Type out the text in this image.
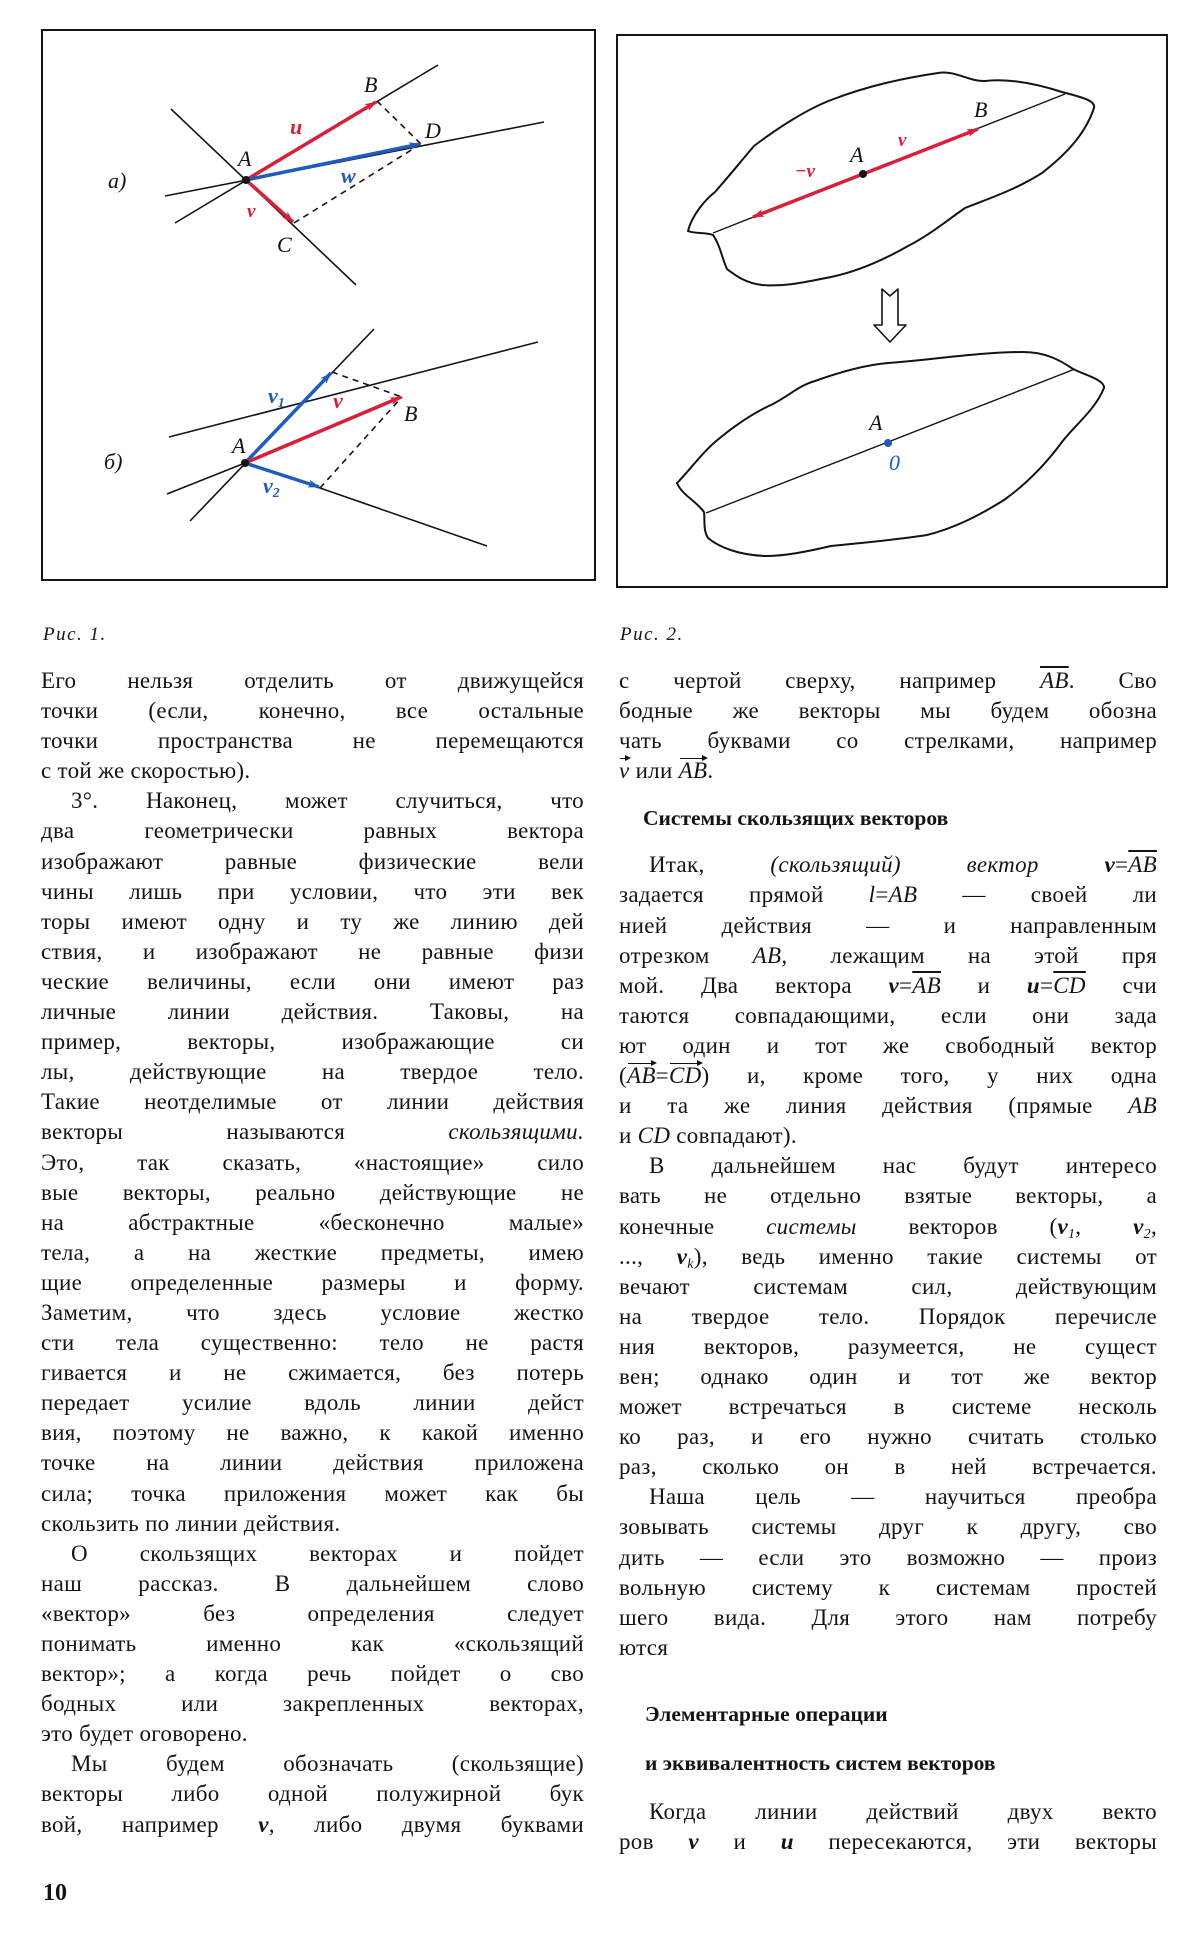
а)
A
B
C
D
u
w
v
б)
A
B
v1 v
v2
B
A
v
−v
A
0
Рис. 1.	Рис. 2.
Его нельзя отделить от движущейся
точки (если, конечно, все остальные
точки пространства не перемещаются
с той же скоростью).
3°. Наконец, может случиться, что
два геометрически равных вектора
изображают равные физические вели
чины лишь при условии, что эти век
торы имеют одну и ту же линию дей
ствия, и изображают не равные физи
ческие величины, если они имеют раз
личные линии действия. Таковы, на
пример, векторы, изображающие си
лы, действующие на твердое тело.
Такие неотделимые от линии действия
векторы называются скользящими.
Это, так сказать, «настоящие» сило
вые векторы, реально действующие не
на абстрактные «бесконечно малые»
тела, а на жесткие предметы, имею
щие определенные размеры и форму.
Заметим, что здесь условие жестко
сти тела существенно: тело не растя
гивается и не сжимается, без потерь
передает усилие вдоль линии дейст
вия, поэтому не важно, к какой именно
точке на линии действия приложена
сила; точка приложения может как бы
скользить по линии действия.
О скользящих векторах и пойдет
наш рассказ. В дальнейшем слово
«вектор» без определения следует
понимать именно как «скользящий
вектор»; а когда речь пойдет о сво
бодных или закрепленных векторах,
это будет оговорено.
Мы будем обозначать (скользящие)
векторы либо одной полужирной бук
вой, например v, либо двумя буквами
с чертой сверху, например $\overline{AB}$. Сво
бодные же векторы мы будем обозна
чать буквами со стрелками, например
v или AB.
Системы скользящих векторов
Итак, (скользящий) вектор	$v=\overline{AB}$
задается прямой l=AB — своей ли
нией действия — и направленным
отрезком AB, лежащим на этой пря
мой. Два вектора $v=\overline{AB}$ и $u=\overline{CD}$ счи
таются совпадающими, если они зада
ют один и тот же свободный вектор
(AB=CD) и, кроме того, у них одна
и та же линия действия (прямые AB
и CD совпадают).
В дальнейшем нас будут интересо
вать не отдельно взятые векторы, а
конечные системы векторов ($v_1$, $v_2$,
..., $v_k$), ведь именно такие системы от
вечают системам сил, действующим
на твердое тело. Порядок перечисле
ния векторов, разумеется, не сущест
вен; однако один и тот же вектор
может встречаться в системе несколь
ко раз, и его нужно считать столько
раз, сколько он в ней встречается.
Наша цель — научиться преобра
зовывать системы друг к другу, сво
дить — если это возможно — произ
вольную систему к системам простей
шего вида. Для этого нам потребу
ются
Элементарные операции
и эквивалентность систем векторов
Когда линии действий двух векто
ров v и u пересекаются, эти векторы
10
